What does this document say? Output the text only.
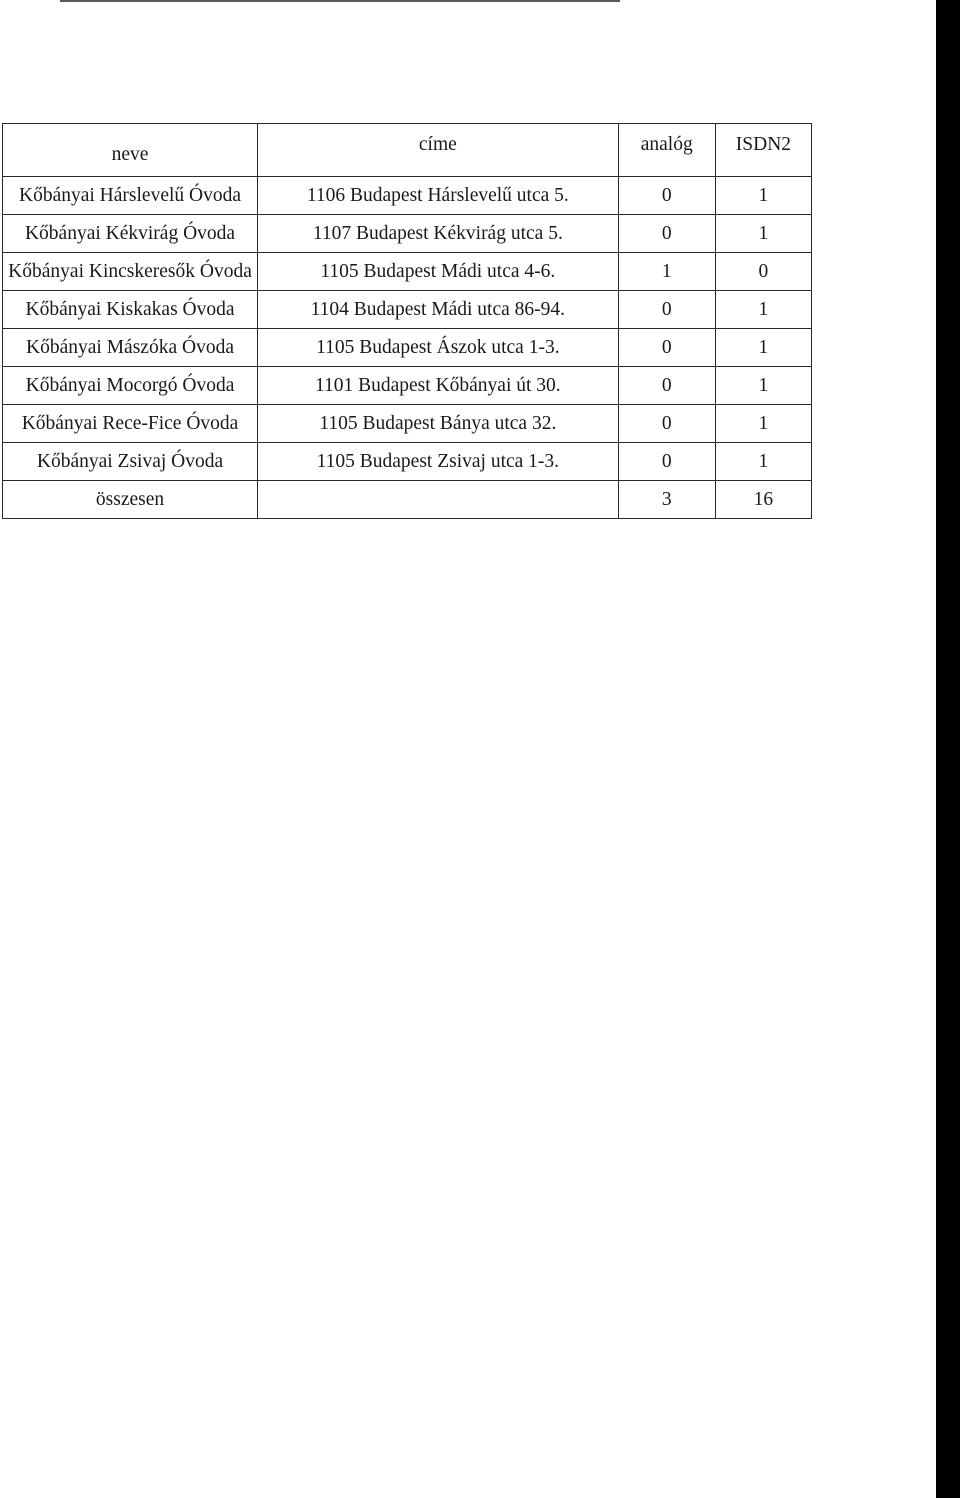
neve	címe	analóg	ISDN2
Kőbányai Hárslevelű Óvoda	1106 Budapest Hárslevelű utca 5.	0	1
Kőbányai Kékvirág Óvoda	1107 Budapest Kékvirág utca 5.	0	1
Kőbányai Kincskeresők Óvoda	1105 Budapest Mádi utca 4-6.	1	0
Kőbányai Kiskakas Óvoda	1104 Budapest Mádi utca 86-94.	0	1
Kőbányai Mászóka Óvoda	1105 Budapest Ászok utca 1-3.	0	1
Kőbányai Mocorgó Óvoda	1101 Budapest Kőbányai út 30.	0	1
Kőbányai Rece-Fice Óvoda	1105 Budapest Bánya utca 32.	0	1
Kőbányai Zsivaj Óvoda	1105 Budapest Zsivaj utca 1-3.	0	1
összesen		3	16
